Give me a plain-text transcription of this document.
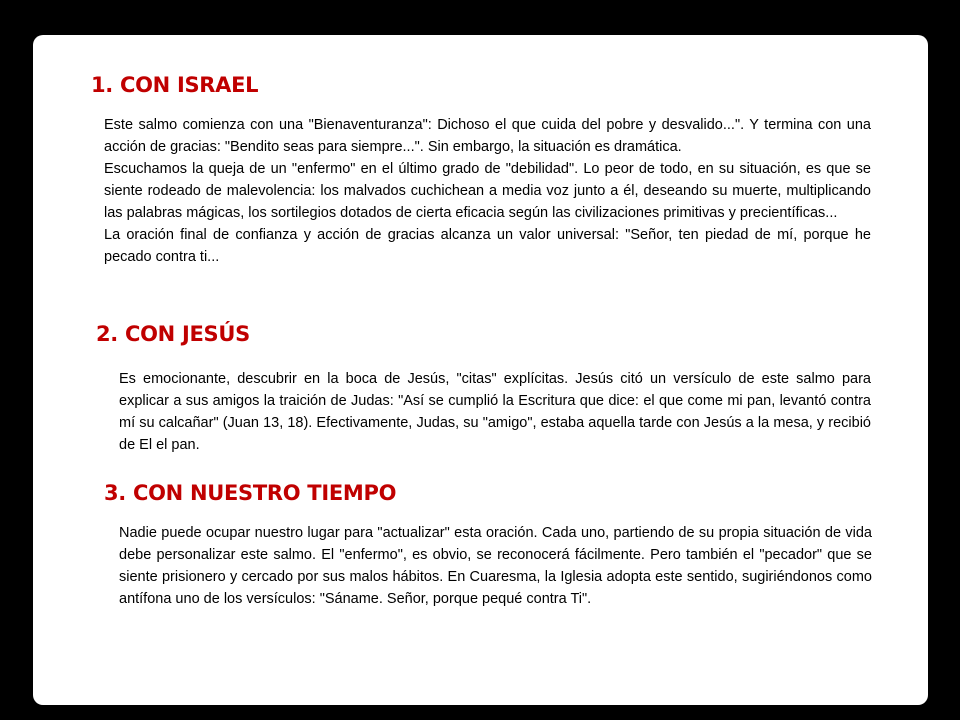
1. CON ISRAEL

Este salmo comienza con una "Bienaventuranza": Dichoso el que cuida del pobre y desvalido...". Y termina con una acción de gracias: "Bendito seas para siempre...". Sin embargo, la situación es dramática.

Escuchamos la queja de un "enfermo" en el último grado de "debilidad". Lo peor de todo, en su situación, es que se siente rodeado de malevolencia: los malvados cuchichean a media voz junto a él, deseando su muerte, multiplicando las palabras mágicas, los sortilegios dotados de cierta eficacia según las civilizaciones primitivas y precientíficas...

La oración final de confianza y acción de gracias alcanza un valor universal: "Señor, ten piedad de mí, porque he pecado contra ti...

2. CON JESÚS

Es emocionante, descubrir en la boca de Jesús, "citas" explícitas. Jesús citó un versículo de este salmo para explicar a sus amigos la traición de Judas: "Así se cumplió la Escritura que dice: el que come mi pan, levantó contra mí su calcañar" (Juan 13, 18). Efectivamente, Judas, su "amigo", estaba aquella tarde con Jesús a la mesa, y recibió de El el pan.

3. CON NUESTRO TIEMPO

Nadie puede ocupar nuestro lugar para "actualizar" esta oración. Cada uno, partiendo de su propia situación de vida debe personalizar este salmo. El "enfermo", es obvio, se reconocerá fácilmente. Pero también el "pecador" que se siente prisionero y cercado por sus malos hábitos. En Cuaresma, la Iglesia adopta este sentido, sugiriéndonos como antífona uno de los versículos: "Sáname. Señor, porque pequé contra Ti".
